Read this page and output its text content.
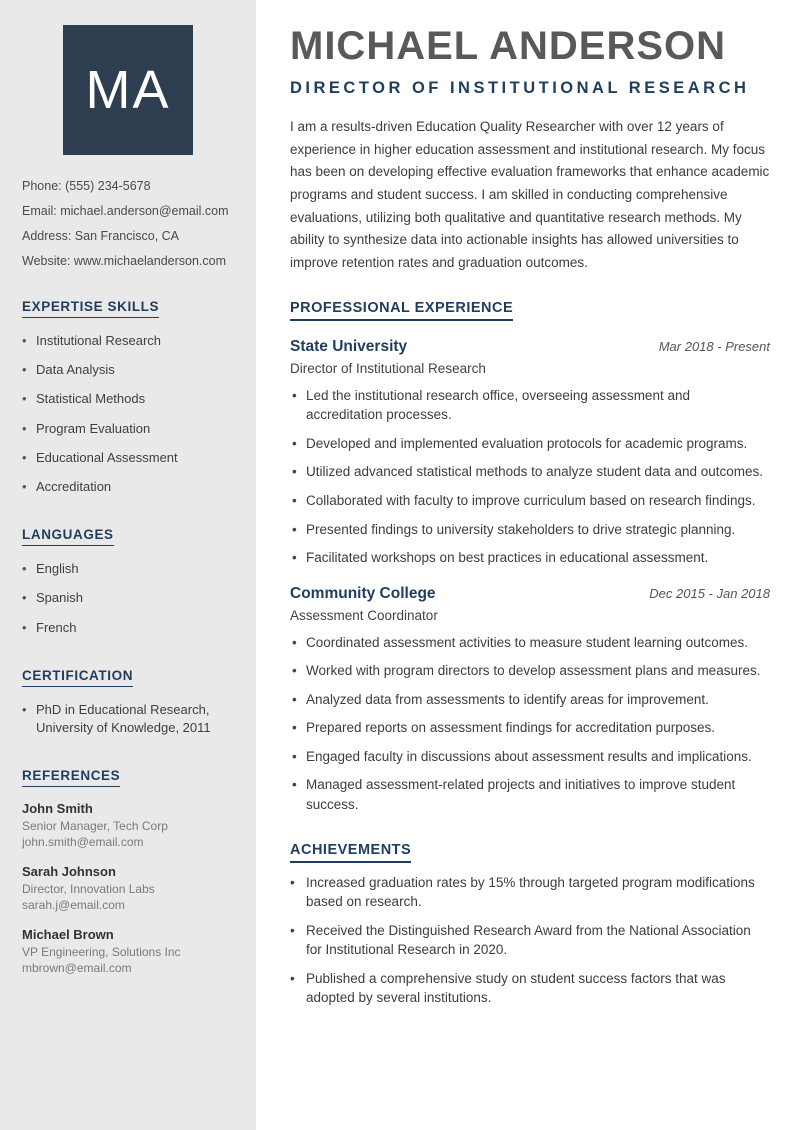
MA
Phone: (555) 234-5678
Email: michael.anderson@email.com
Address: San Francisco, CA
Website: www.michaelanderson.com
EXPERTISE SKILLS
• Institutional Research
• Data Analysis
• Statistical Methods
• Program Evaluation
• Educational Assessment
• Accreditation
LANGUAGES
• English
• Spanish
• French
CERTIFICATION
• PhD in Educational Research, University of Knowledge, 2011
REFERENCES
John Smith
Senior Manager, Tech Corp
john.smith@email.com
Sarah Johnson
Director, Innovation Labs
sarah.j@email.com
Michael Brown
VP Engineering, Solutions Inc
mbrown@email.com
MICHAEL ANDERSON
DIRECTOR OF INSTITUTIONAL RESEARCH

I am a results-driven Education Quality Researcher with over 12 years of experience in higher education assessment and institutional research. My focus has been on developing effective evaluation frameworks that enhance academic programs and student success. I am skilled in conducting comprehensive evaluations, utilizing both qualitative and quantitative research methods. My ability to synthesize data into actionable insights has allowed universities to improve retention rates and graduation outcomes.

PROFESSIONAL EXPERIENCE
State University	Mar 2018 - Present
Director of Institutional Research
• Led the institutional research office, overseeing assessment and accreditation processes.
• Developed and implemented evaluation protocols for academic programs.
• Utilized advanced statistical methods to analyze student data and outcomes.
• Collaborated with faculty to improve curriculum based on research findings.
• Presented findings to university stakeholders to drive strategic planning.
• Facilitated workshops on best practices in educational assessment.
Community College	Dec 2015 - Jan 2018
Assessment Coordinator
• Coordinated assessment activities to measure student learning outcomes.
• Worked with program directors to develop assessment plans and measures.
• Analyzed data from assessments to identify areas for improvement.
• Prepared reports on assessment findings for accreditation purposes.
• Engaged faculty in discussions about assessment results and implications.
• Managed assessment-related projects and initiatives to improve student success.
ACHIEVEMENTS
• Increased graduation rates by 15% through targeted program modifications based on research.
• Received the Distinguished Research Award from the National Association for Institutional Research in 2020.
• Published a comprehensive study on student success factors that was adopted by several institutions.
